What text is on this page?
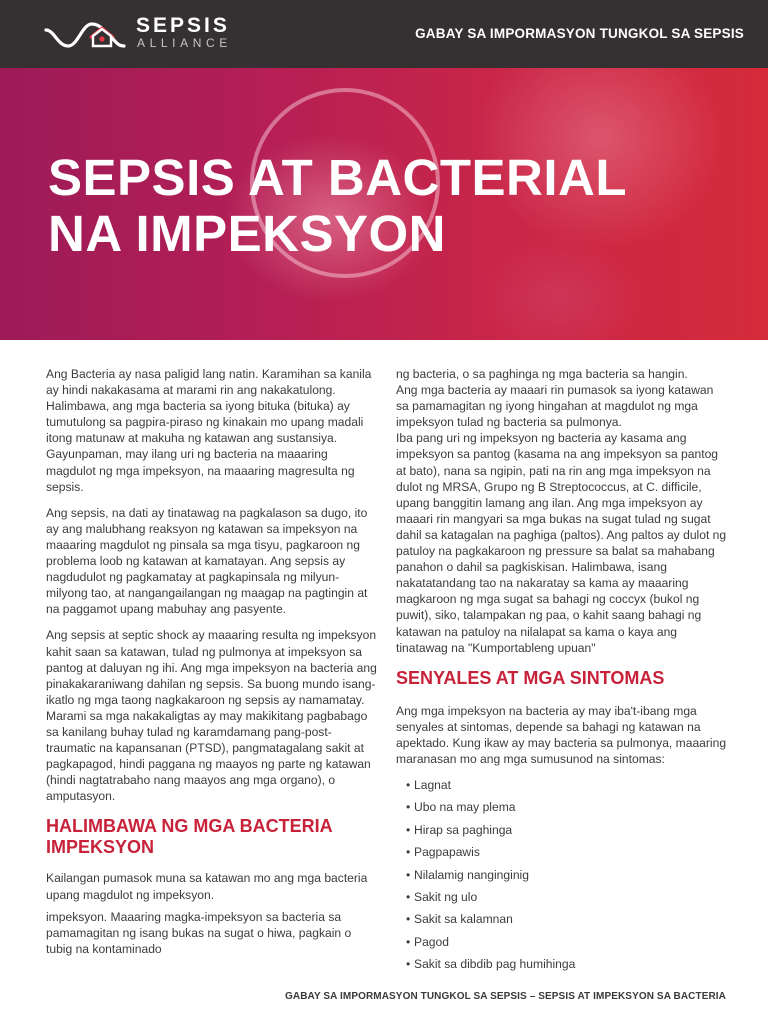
SEPSIS
ALLIANCE
GABAY SA IMPORMASYON TUNGKOL SA SEPSIS
SEPSIS AT BACTERIAL
NA IMPEKSYON

Ang Bacteria ay nasa paligid lang natin. Karamihan sa kanila ay hindi nakakasama at marami rin ang nakakatulong. Halimbawa, ang mga bacteria sa iyong bituka (bituka) ay tumutulong sa pagpira-piraso ng kinakain mo upang madali itong matunaw at makuha ng katawan ang sustansiya. Gayunpaman, may ilang uri ng bacteria na maaaring magdulot ng mga impeksyon, na maaaring magresulta ng sepsis.

Ang sepsis, na dati ay tinatawag na pagkalason sa dugo, ito ay ang malubhang reaksyon ng katawan sa impeksyon na maaaring magdulot ng pinsala sa mga tisyu, pagkaroon ng problema loob ng katawan at kamatayan. Ang sepsis ay nagdudulot ng pagkamatay at pagkapinsala ng milyun-milyong tao, at nangangailangan ng maagap na pagtingin at na paggamot upang mabuhay ang pasyente.

Ang sepsis at septic shock ay maaaring resulta ng impeksyon kahit saan sa katawan, tulad ng pulmonya at impeksyon sa pantog at daluyan ng ihi. Ang mga impeksyon na bacteria ang pinakakaraniwang dahilan ng sepsis. Sa buong mundo isang-ikatlo ng mga taong nagkakaroon ng sepsis ay namamatay. Marami sa mga nakakaligtas ay may makikitang pagbabago sa kanilang buhay tulad ng karamdamang pang-post-traumatic na kapansanan (PTSD), pangmatagalang sakit at pagkapagod, hindi paggana ng maayos ng parte ng katawan (hindi nagtatrabaho nang maayos ang mga organo), o amputasyon.

HALIMBAWA NG MGA BACTERIA IMPEKSYON

Kailangan pumasok muna sa katawan mo ang mga bacteria upang magdulot ng impeksyon.

impeksyon. Maaaring magka-impeksyon sa bacteria sa pamamagitan ng isang bukas na sugat o hiwa, pagkain o tubig na kontaminado

ng bacteria, o sa paghinga ng mga bacteria sa hangin.

Ang mga bacteria ay maaari rin pumasok sa iyong katawan sa pamamagitan ng iyong hingahan at magdulot ng mga impeksyon tulad ng bacteria sa pulmonya.

Iba pang uri ng impeksyon ng bacteria ay kasama ang impeksyon sa pantog (kasama na ang impeksyon sa pantog at bato), nana sa ngipin, pati na rin ang mga impeksyon na dulot ng MRSA, Grupo ng B Streptococcus, at C. difficile, upang banggitin lamang ang ilan. Ang mga impeksyon ay maaari rin mangyari sa mga bukas na sugat tulad ng sugat dahil sa katagalan na paghiga (paltos). Ang paltos ay dulot ng patuloy na pagkakaroon ng pressure sa balat sa mahabang panahon o dahil sa pagkiskisan. Halimbawa, isang nakatatandang tao na nakaratay sa kama ay maaaring magkaroon ng mga sugat sa bahagi ng coccyx (bukol ng puwit), siko, talampakan ng paa, o kahit saang bahagi ng katawan na patuloy na nilalapat sa kama o kaya ang tinatawag na "Kumportableng upuan"

SENYALES AT MGA SINTOMAS

Ang mga impeksyon na bacteria ay may iba't-ibang mga senyales at sintomas, depende sa bahagi ng katawan na apektado. Kung ikaw ay may bacteria sa pulmonya, maaaring maranasan mo ang mga sumusunod na sintomas:

• Lagnat
• Ubo na may plema
• Hirap sa paghinga
• Pagpapawis
• Nilalamig nanginginig
• Sakit ng ulo
• Sakit sa kalamnan
• Pagod
• Sakit sa dibdib pag humihinga
GABAY SA IMPORMASYON TUNGKOL SA SEPSIS – SEPSIS AT IMPEKSYON SA BACTERIA
